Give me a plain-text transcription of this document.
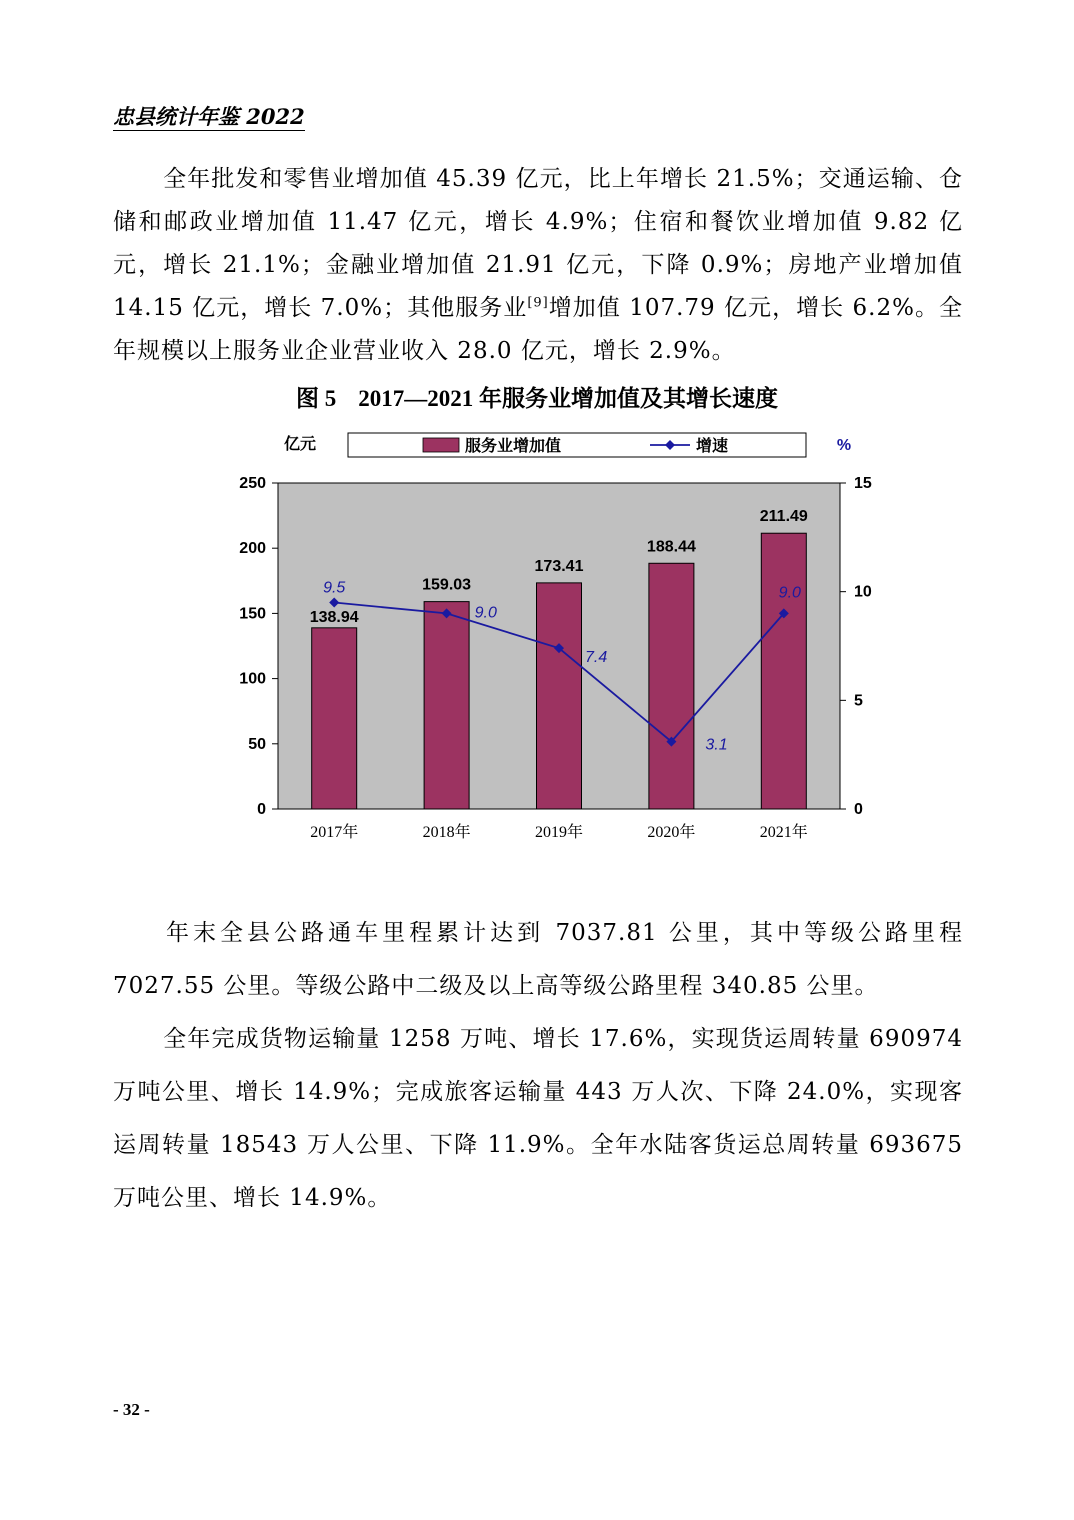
忠县统计年鉴 2022

全年批发和零售业增加值 45.39 亿元，比上年增长 21.5%；交通运输、仓储和邮政业增加值 11.47 亿元，增长 4.9%；住宿和餐饮业增加值 9.82 亿元，增长 21.1%；金融业增加值 21.91 亿元，下降 0.9%；房地产业增加值 14.15 亿元，增长 7.0%；其他服务业[9]增加值 107.79 亿元，增长 6.2%。全年规模以上服务业企业营业收入 28.0 亿元，增长 2.9%。

图 5 2017—2021 年服务业增加值及其增长速度
0
50
100
150
200
250
0
5
10
15
亿元	%
服务业增加值	增速
138.94
159.03
173.41
188.44
211.49
2017年	2018年	2019年	2020年	2021年
9.5
9.0
7.4
3.1
9.0

年末全县公路通车里程累计达到 7037.81 公里，其中等级公路里程 7027.55 公里。等级公路中二级及以上高等级公路里程 340.85 公里。

全年完成货物运输量 1258 万吨、增长 17.6%，实现货运周转量 690974 万吨公里、增长 14.9%；完成旅客运输量 443 万人次、下降 24.0%，实现客运周转量 18543 万人公里、下降 11.9%。全年水陆客货运总周转量 693675 万吨公里、增长 14.9%。

- 32 -
